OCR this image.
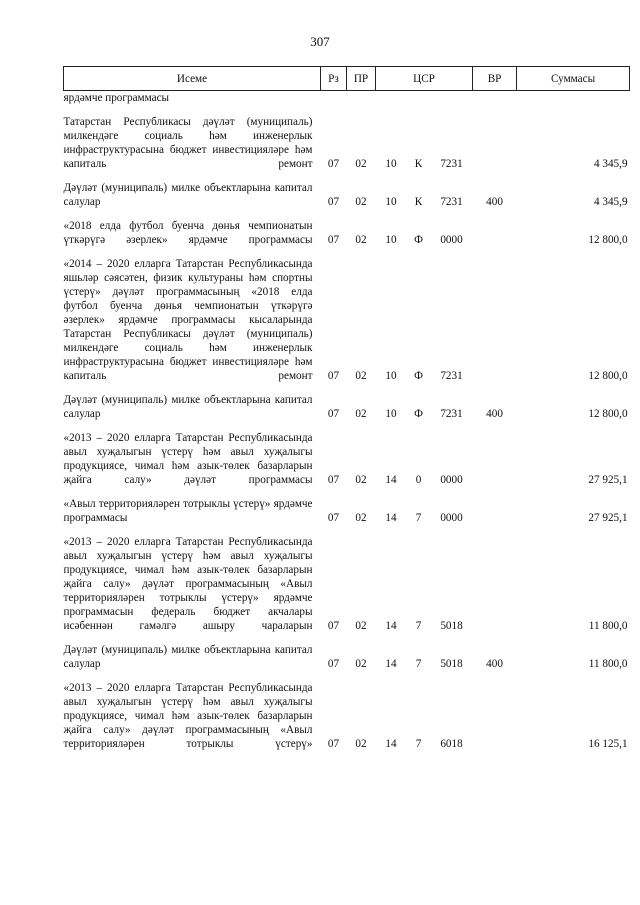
307
Исеме	Рз	ПР	ЦСР			ВР	Суммасы
ярдәмче программасы							
Татарстан Республикасы дәүләт (муниципаль) милкендәге социаль һәм инженерлык инфраструктурасына бюджет инвестицияләре һәм капиталь ремонт	07	02	10	К	7231		4 345,9
Дәүләт (муниципаль) милке объектларына капитал салулар	07	02	10	К	7231	400	4 345,9
«2018 елда футбол буенча дөнья чемпионатын үткәрүгә әзерлек» ярдәмче программасы	07	02	10	Ф	0000		12 800,0
«2014 – 2020 елларга Татарстан Республикасында яшьләр сәясәтен, физик культураны һәм спортны үстерү» дәүләт программасының «2018 елда футбол буенча дөнья чемпионатын үткәрүгә әзерлек» ярдәмче программасы кысаларында Татарстан Республикасы дәүләт (муниципаль) милкендәге социаль һәм инженерлык инфраструктурасына бюджет инвестицияләре һәм капиталь ремонт	07	02	10	Ф	7231		12 800,0
Дәүләт (муниципаль) милке объектларына капитал салулар	07	02	10	Ф	7231	400	12 800,0
«2013 – 2020 елларга Татарстан Республикасында авыл хуҗалыгын үстерү һәм авыл хуҗалыгы продукциясе, чимал һәм азык-төлек базарларын җайга салу» дәүләт программасы	07	02	14	0	0000		27 925,1
«Авыл территорияләрен тотрыклы үстерү» ярдәмче программасы	07	02	14	7	0000		27 925,1
«2013 – 2020 елларга Татарстан Республикасында авыл хуҗалыгын үстерү һәм авыл хуҗалыгы продукциясе, чимал һәм азык-төлек базарларын җайга салу» дәүләт программасының «Авыл территорияләрен тотрыклы үстерү» ярдәмче программасын федераль бюджет акчалары исәбеннән гамәлгә ашыру чараларын	07	02	14	7	5018		11 800,0
Дәүләт (муниципаль) милке объектларына капитал салулар	07	02	14	7	5018	400	11 800,0
«2013 – 2020 елларга Татарстан Республикасында авыл хуҗалыгын үстерү һәм авыл хуҗалыгы продукциясе, чимал һәм азык-төлек базарларын җайга салу» дәүләт программасының «Авыл территорияләрен тотрыклы үстерү»	07	02	14	7	6018		16 125,1
